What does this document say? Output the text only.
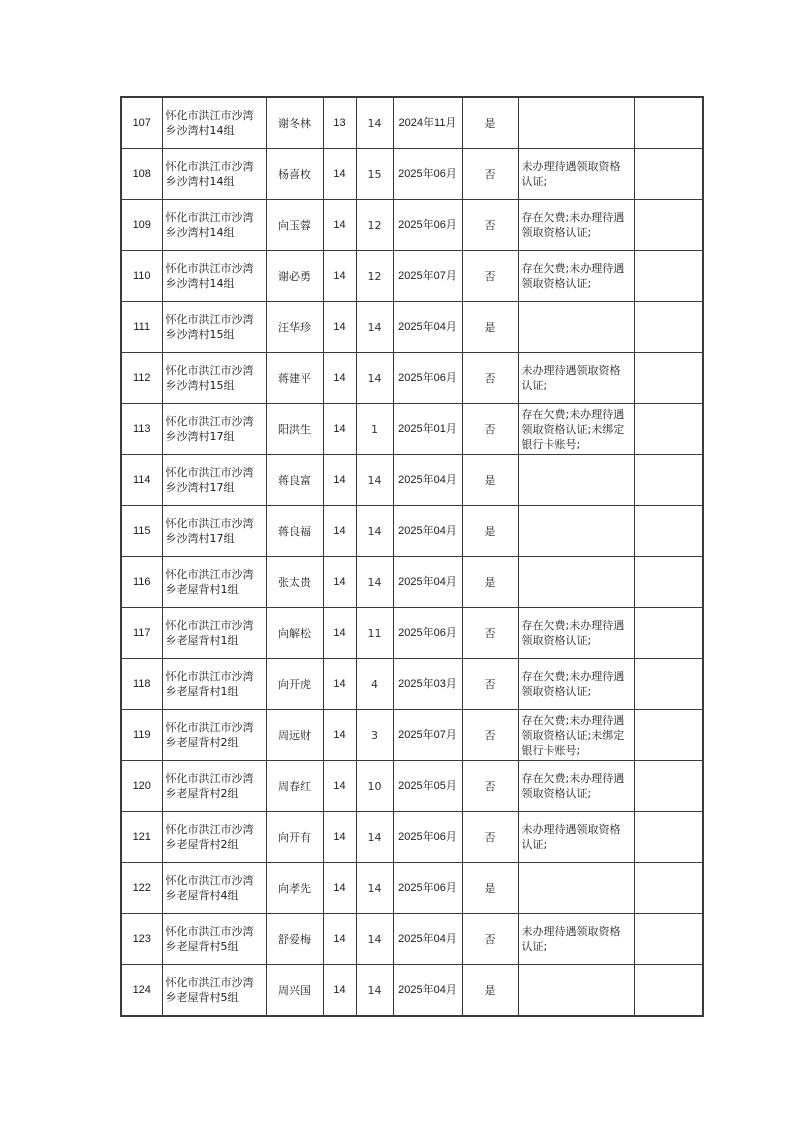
107	怀化市洪江市沙湾乡沙湾村14组	谢冬林	13	14	2024年11月	是		
108	怀化市洪江市沙湾乡沙湾村14组	杨喜枚	14	15	2025年06月	否	未办理待遇领取资格认证;	
109	怀化市洪江市沙湾乡沙湾村14组	向玉蓉	14	12	2025年06月	否	存在欠费;未办理待遇领取资格认证;	
110	怀化市洪江市沙湾乡沙湾村14组	谢必勇	14	12	2025年07月	否	存在欠费;未办理待遇领取资格认证;	
111	怀化市洪江市沙湾乡沙湾村15组	汪华珍	14	14	2025年04月	是		
112	怀化市洪江市沙湾乡沙湾村15组	蒋建平	14	14	2025年06月	否	未办理待遇领取资格认证;	
113	怀化市洪江市沙湾乡沙湾村17组	阳洪生	14	1	2025年01月	否	存在欠费;未办理待遇领取资格认证;未绑定银行卡账号;	
114	怀化市洪江市沙湾乡沙湾村17组	蒋良富	14	14	2025年04月	是		
115	怀化市洪江市沙湾乡沙湾村17组	蒋良福	14	14	2025年04月	是		
116	怀化市洪江市沙湾乡老屋背村1组	张太贵	14	14	2025年04月	是		
117	怀化市洪江市沙湾乡老屋背村1组	向解松	14	11	2025年06月	否	存在欠费;未办理待遇领取资格认证;	
118	怀化市洪江市沙湾乡老屋背村1组	向开虎	14	4	2025年03月	否	存在欠费;未办理待遇领取资格认证;	
119	怀化市洪江市沙湾乡老屋背村2组	周远财	14	3	2025年07月	否	存在欠费;未办理待遇领取资格认证;未绑定银行卡账号;	
120	怀化市洪江市沙湾乡老屋背村2组	周春红	14	10	2025年05月	否	存在欠费;未办理待遇领取资格认证;	
121	怀化市洪江市沙湾乡老屋背村2组	向开有	14	14	2025年06月	否	未办理待遇领取资格认证;	
122	怀化市洪江市沙湾乡老屋背村4组	向孝先	14	14	2025年06月	是		
123	怀化市洪江市沙湾乡老屋背村5组	舒爱梅	14	14	2025年04月	否	未办理待遇领取资格认证;	
124	怀化市洪江市沙湾乡老屋背村5组	周兴国	14	14	2025年04月	是		
